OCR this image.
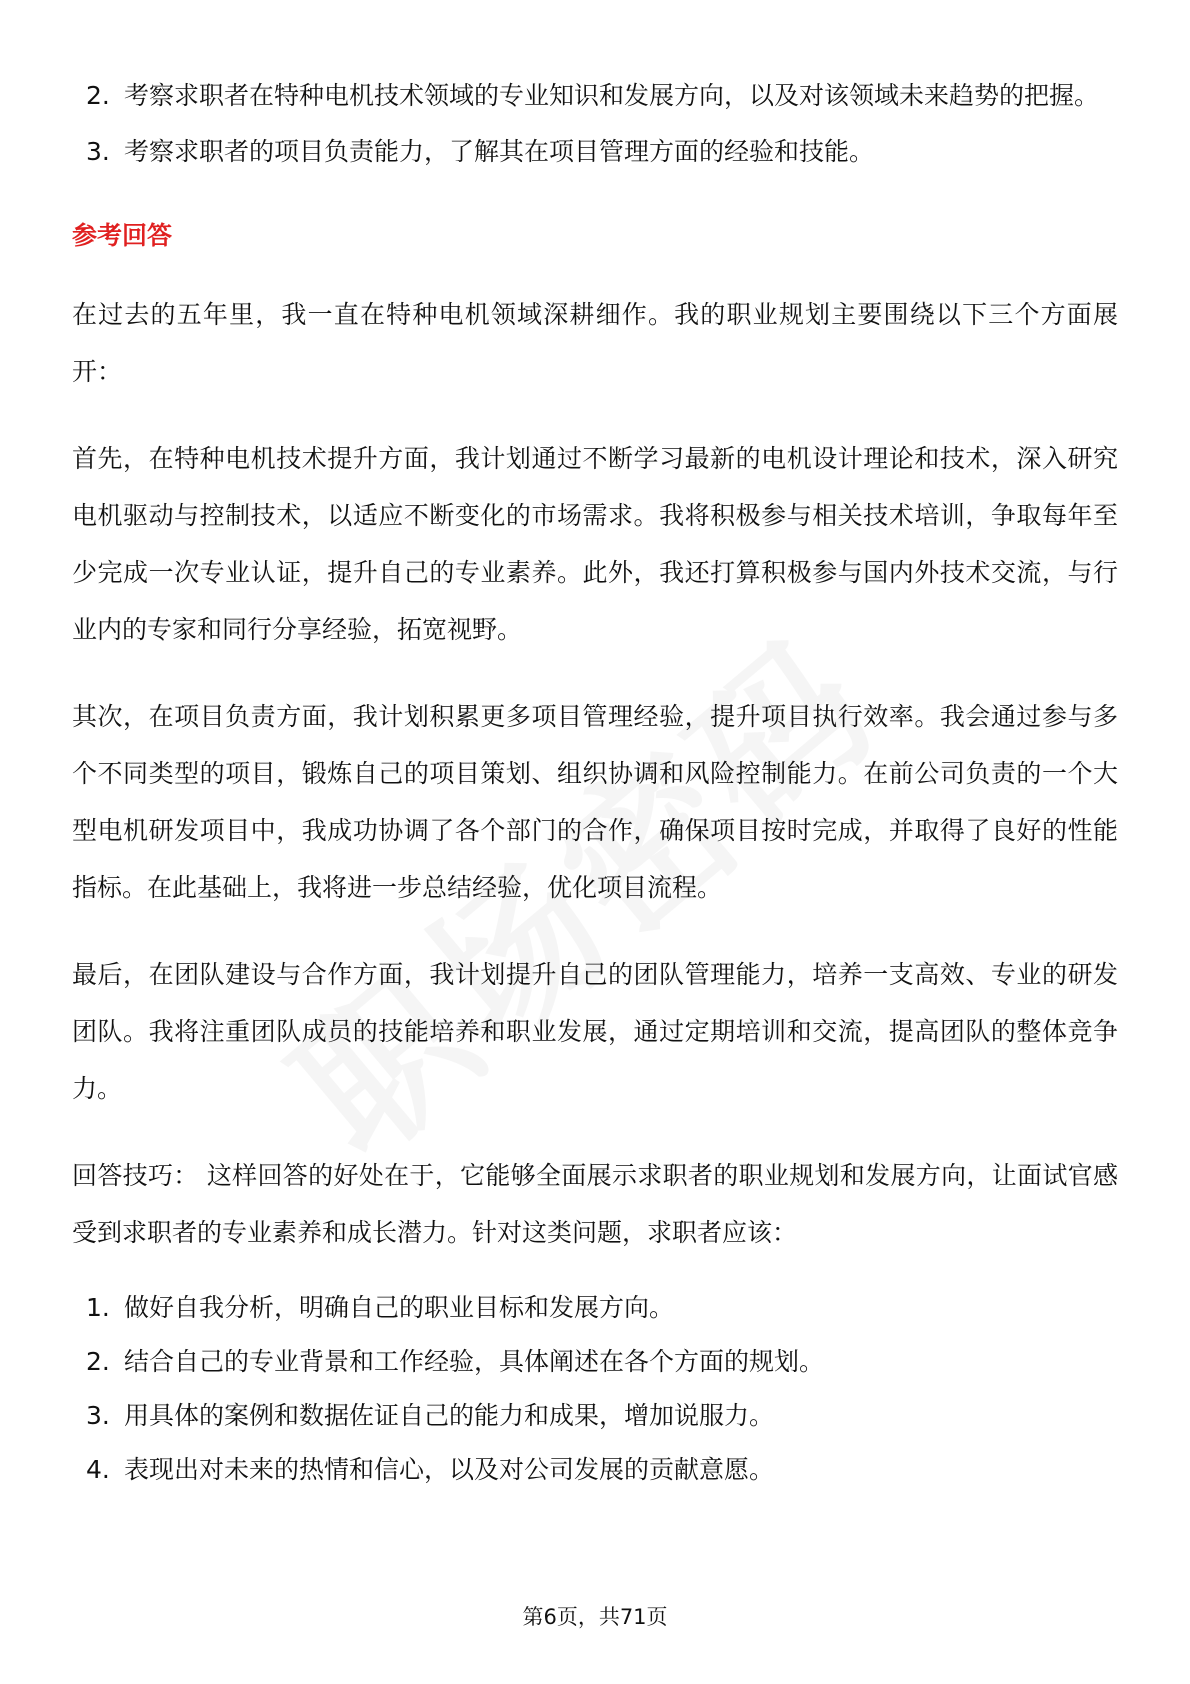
2. 考察求职者在特种电机技术领域的专业知识和发展方向，以及对该领域未来趋势的把握。
3. 考察求职者的项目负责能力，了解其在项目管理方面的经验和技能。
参考回答

在过去的五年里，我一直在特种电机领域深耕细作。我的职业规划主要围绕以下三个方面展开：

首先，在特种电机技术提升方面，我计划通过不断学习最新的电机设计理论和技术，深入研究电机驱动与控制技术，以适应不断变化的市场需求。我将积极参与相关技术培训，争取每年至少完成一次专业认证，提升自己的专业素养。此外，我还打算积极参与国内外技术交流，与行业内的专家和同行分享经验，拓宽视野。

其次，在项目负责方面，我计划积累更多项目管理经验，提升项目执行效率。我会通过参与多个不同类型的项目，锻炼自己的项目策划、组织协调和风险控制能力。在前公司负责的一个大型电机研发项目中，我成功协调了各个部门的合作，确保项目按时完成，并取得了良好的性能指标。在此基础上，我将进一步总结经验，优化项目流程。

最后，在团队建设与合作方面，我计划提升自己的团队管理能力，培养一支高效、专业的研发团队。我将注重团队成员的技能培养和职业发展，通过定期培训和交流，提高团队的整体竞争力。

回答技巧： 这样回答的好处在于，它能够全面展示求职者的职业规划和发展方向，让面试官感受到求职者的专业素养和成长潜力。针对这类问题，求职者应该：

1. 做好自我分析，明确自己的职业目标和发展方向。
2. 结合自己的专业背景和工作经验，具体阐述在各个方面的规划。
3. 用具体的案例和数据佐证自己的能力和成果，增加说服力。
4. 表现出对未来的热情和信心，以及对公司发展的贡献意愿。
第6页，共71页
